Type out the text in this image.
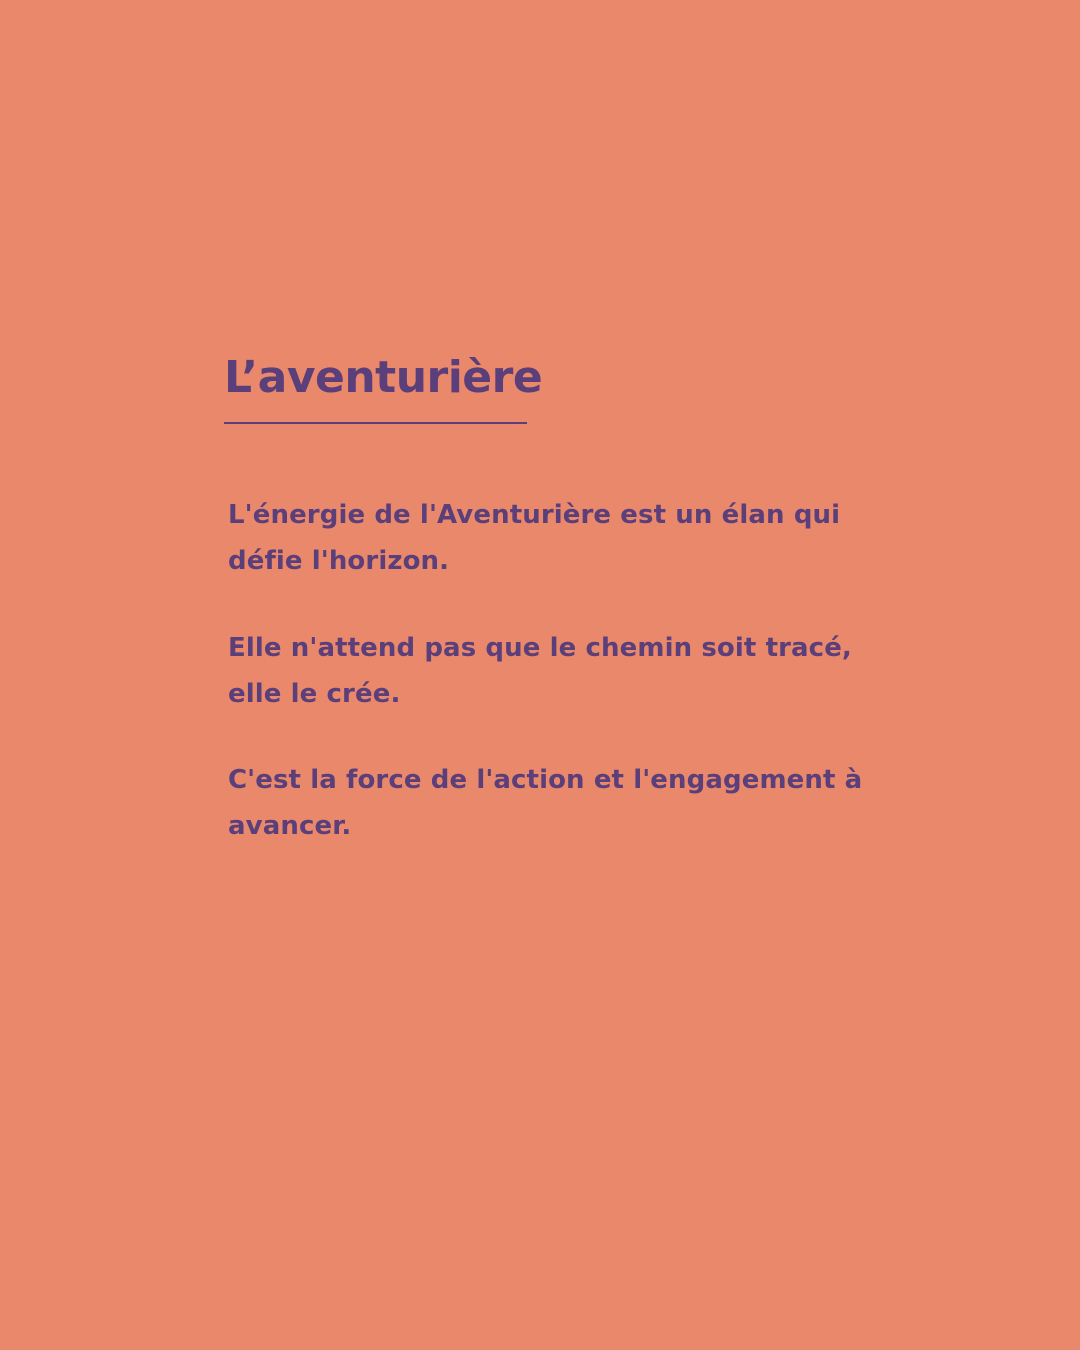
L’aventurière

L'énergie de l'Aventurière est un élan qui défie l'horizon.

Elle n'attend pas que le chemin soit tracé, elle le crée.

C'est la force de l'action et l'engagement à avancer.
